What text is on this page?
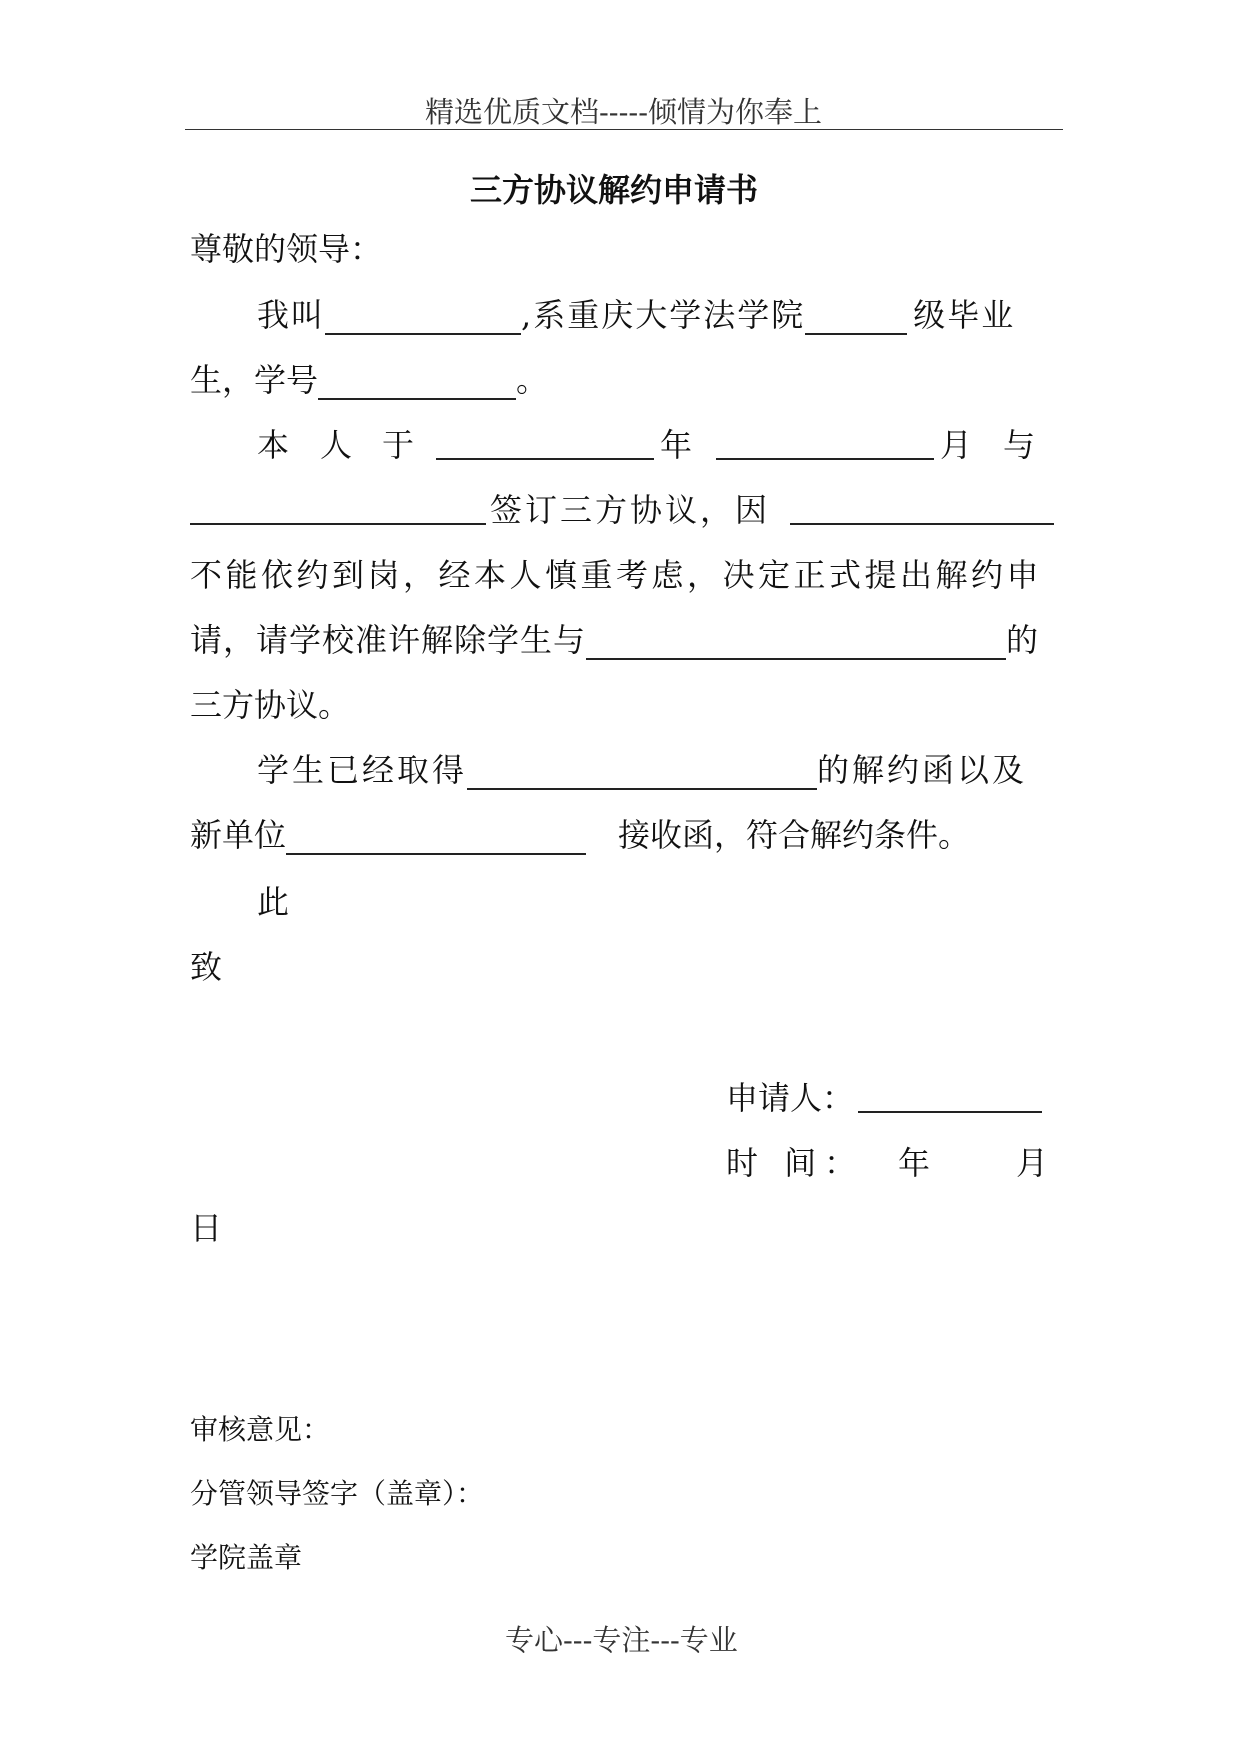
精选优质文档-----倾情为你奉上
三方协议解约申请书
尊敬的领导：
我叫	,系重庆大学法学院	级毕业
生，学号	。
本 人 于	年	月 与
签订三方协议，因
不能依约到岗，经本人慎重考虑，决定正式提出解约申
请，请学校准许解除学生与	的
三方协议。
学生已经取得	的解约函以及
新单位	接收函，符合解约条件。
此
致
申请人：
时 间： 年	月
日
审核意见：
分管领导签字（盖章）：
学院盖章
专心---专注---专业
